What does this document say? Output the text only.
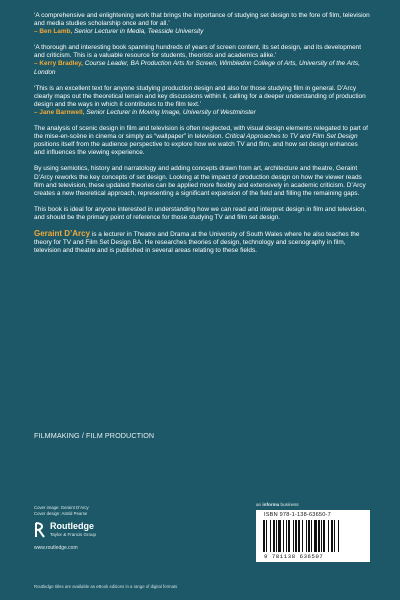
‘A comprehensive and enlightening work that brings the importance of studying set design to the fore of film, television and media studies scholarship once and for all.’
– Ben Lamb, Senior Lecturer in Media, Teesside University

‘A thorough and interesting book spanning hundreds of years of screen content, its set design, and its development and criticism. This is a valuable resource for students, theorists and academics alike.’
– Kerry Bradley, Course Leader, BA Production Arts for Screen, Wimbledon College of Arts, University of the Arts, London

‘This is an excellent text for anyone studying production design and also for those studying film in general. D’Arcy clearly maps out the theoretical terrain and key discussions within it, calling for a deeper understanding of production design and the ways in which it contributes to the film text.’
– Jane Barnwell, Senior Lecturer in Moving Image, University of Westminster

The analysis of scenic design in film and television is often neglected, with visual design elements relegated to part of the mise-en-scène in cinema or simply as “wallpaper” in television. Critical Approaches to TV and Film Set Design positions itself from the audience perspective to explore how we watch TV and film, and how set design enhances and influences the viewing experience.

By using semiotics, history and narratology and adding concepts drawn from art, architecture and theatre, Geraint D’Arcy reworks the key concepts of set design. Looking at the impact of production design on how the viewer reads film and television, these updated theories can be applied more flexibly and extensively in academic criticism. D’Arcy creates a new theoretical approach, representing a significant expansion of the field and filling the remaining gaps.

This book is ideal for anyone interested in understanding how we can read and interpret design in film and television, and should be the primary point of reference for those studying TV and film set design.

Geraint D’Arcy is a lecturer in Theatre and Drama at the University of South Wales where he also teaches the theory for TV and Film Set Design BA. He researches theories of design, technology and scenography in film, television and theatre and is published in several areas relating to these fields.

FILMMAKING / FILM PRODUCTION
Cover image: Geraint D’Arcy
Cover design: Astrid Pearse
Routledge
Taylor & Francis Group
www.routledge.com
an informa business
ISBN 978-1-138-63650-7
9 781138 636507
Routledge titles are available as eBook editions in a range of digital formats
